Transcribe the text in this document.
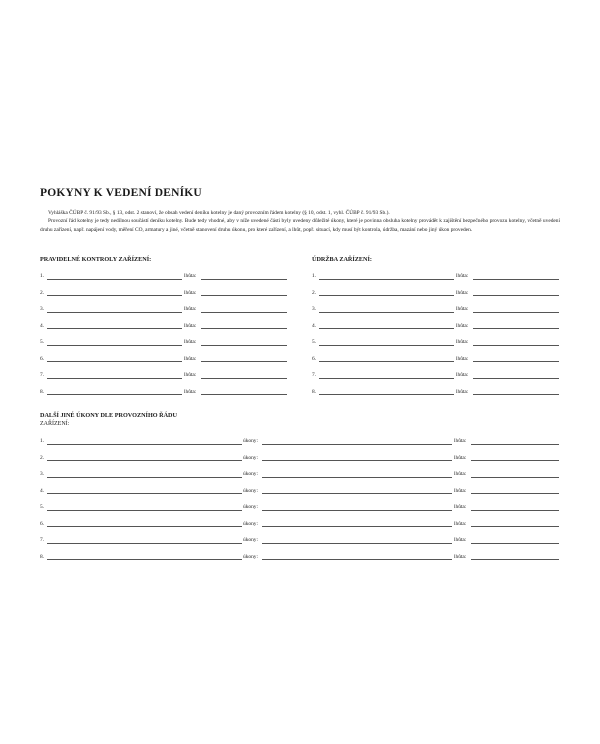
POKYNY K VEDENÍ DENÍKU

Vyhláška ČÚBP č. 91/93 Sb., § 13, odst. 2 stanoví, že obsah vedení deníku kotelny je daný provozním řádem kotelny (§ 10, odst. 1, vyhl. ČÚBP č. 91/93 Sb.).

Provozní řád kotelny je tedy nedílnou součástí deníku kotelny. Bude tedy vhodné, aby v níže uvedené části byly uvedeny důležité úkony, které je povinna obsluha kotelny provádět k zajištění bezpečného provozu kotelny, včetně uvedení druhu zařízení, např. napájení vody, měření CO, armatury a jiné, včetně stanovení druhu úkonu, pro které zařízení, a lhůt, popř. situací, kdy musí být kontrola, údržba, mazání nebo jiný úkon proveden.

PRAVIDELNÉ KONTROLY ZAŘÍZENÍ:	ÚDRŽBA ZAŘÍZENÍ:
1.	lhůta:
2.	lhůta:
3.	lhůta:
4.	lhůta:
5.	lhůta:
6.	lhůta:
7.	lhůta:
8.	lhůta:
1.	lhůta:
2.	lhůta:
3.	lhůta:
4.	lhůta:
5.	lhůta:
6.	lhůta:
7.	lhůta:
8.	lhůta:
DALŠÍ JINÉ ÚKONY DLE PROVOZNÍHO ŘÁDU
ZAŘÍZENÍ:
1.	úkony:	lhůta:
2.	úkony:	lhůta:
3.	úkony:	lhůta:
4.	úkony:	lhůta:
5.	úkony:	lhůta:
6.	úkony:	lhůta:
7.	úkony:	lhůta:
8.	úkony:	lhůta:
